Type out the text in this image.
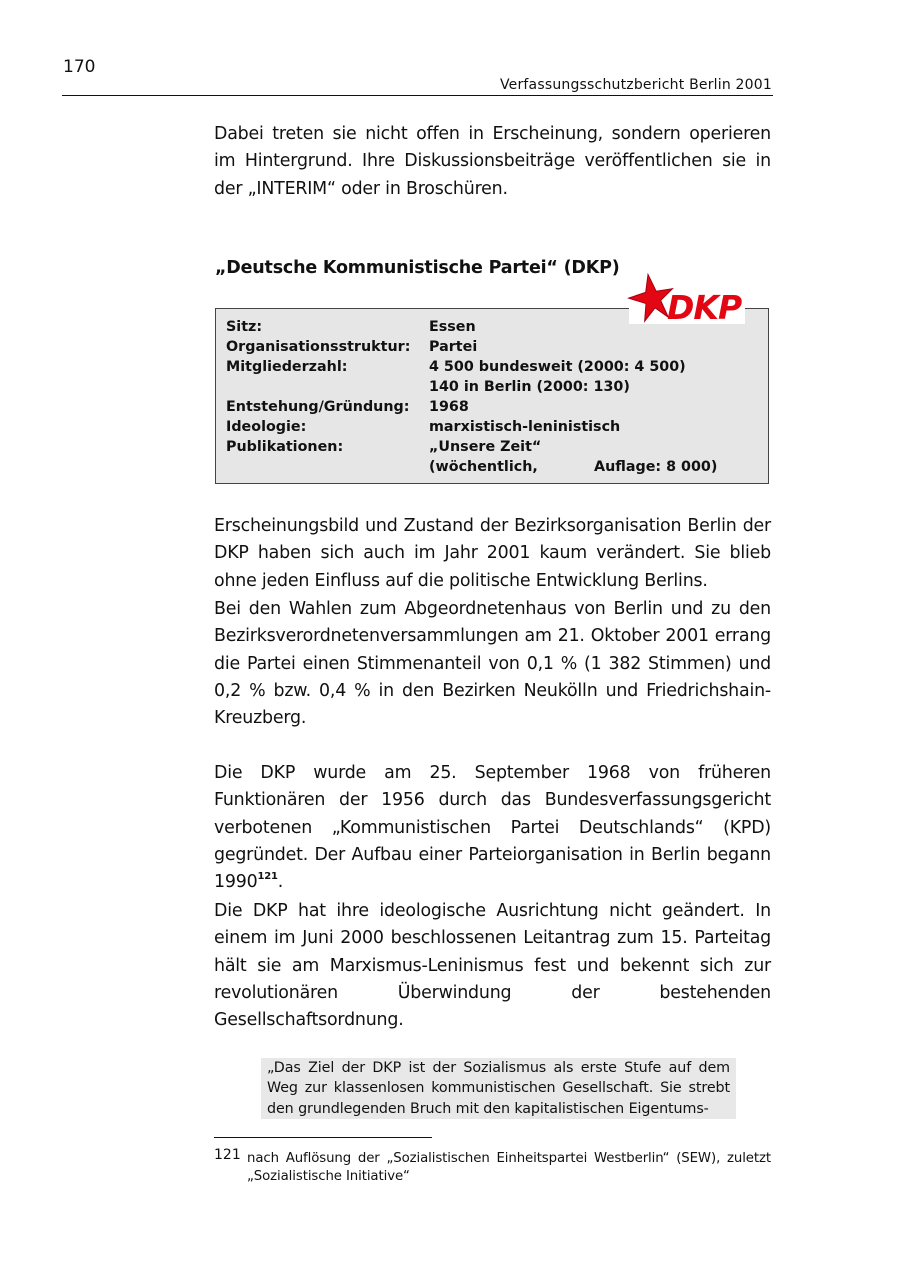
170
Verfassungsschutzbericht Berlin 2001

Dabei treten sie nicht offen in Erscheinung, sondern operieren im Hintergrund. Ihre Diskussionsbeiträge veröffentlichen sie in der „INTERIM“ oder in Broschüren.

„Deutsche Kommunistische Partei“ (DKP)
Sitz:	Essen
Organisationsstruktur: Partei
Mitgliederzahl:	4 500 bundesweit (2000: 4 500)
140 in Berlin (2000: 130)
Entstehung/Gründung: 1968
Ideologie:	marxistisch-leninistisch
Publikationen:	„Unsere Zeit“
(wöchentlich,	Auflage: 8 000)
DKP

Erscheinungsbild und Zustand der Bezirksorganisation Berlin der DKP haben sich auch im Jahr 2001 kaum verändert. Sie blieb ohne jeden Einfluss auf die politische Entwicklung Berlins.

Bei den Wahlen zum Abgeordnetenhaus von Berlin und zu den Bezirksverordnetenversammlungen am 21. Oktober 2001 errang die Partei einen Stimmenanteil von 0,1 % (1 382 Stimmen) und 0,2 % bzw. 0,4 % in den Bezirken Neukölln und Friedrichshain-Kreuzberg.

Die DKP wurde am 25. September 1968 von früheren Funktionären der 1956 durch das Bundesverfassungsgericht verbotenen „Kommunistischen Partei Deutschlands“ (KPD) gegründet. Der Aufbau einer Parteiorganisation in Berlin begann 1990$^{121}$.

Die DKP hat ihre ideologische Ausrichtung nicht geändert. In einem im Juni 2000 beschlossenen Leitantrag zum 15. Parteitag hält sie am Marxismus-Leninismus fest und bekennt sich zur revolutionären Überwindung der bestehenden Gesellschaftsordnung.

„Das Ziel der DKP ist der Sozialismus als erste Stufe auf dem Weg zur klassenlosen kommunistischen Gesellschaft. Sie strebt den grundlegenden Bruch mit den kapitalistischen Eigentums-

121 nach Auflösung der „Sozialistischen Einheitspartei Westberlin“ (SEW), zuletzt „Sozialistische Initiative“
